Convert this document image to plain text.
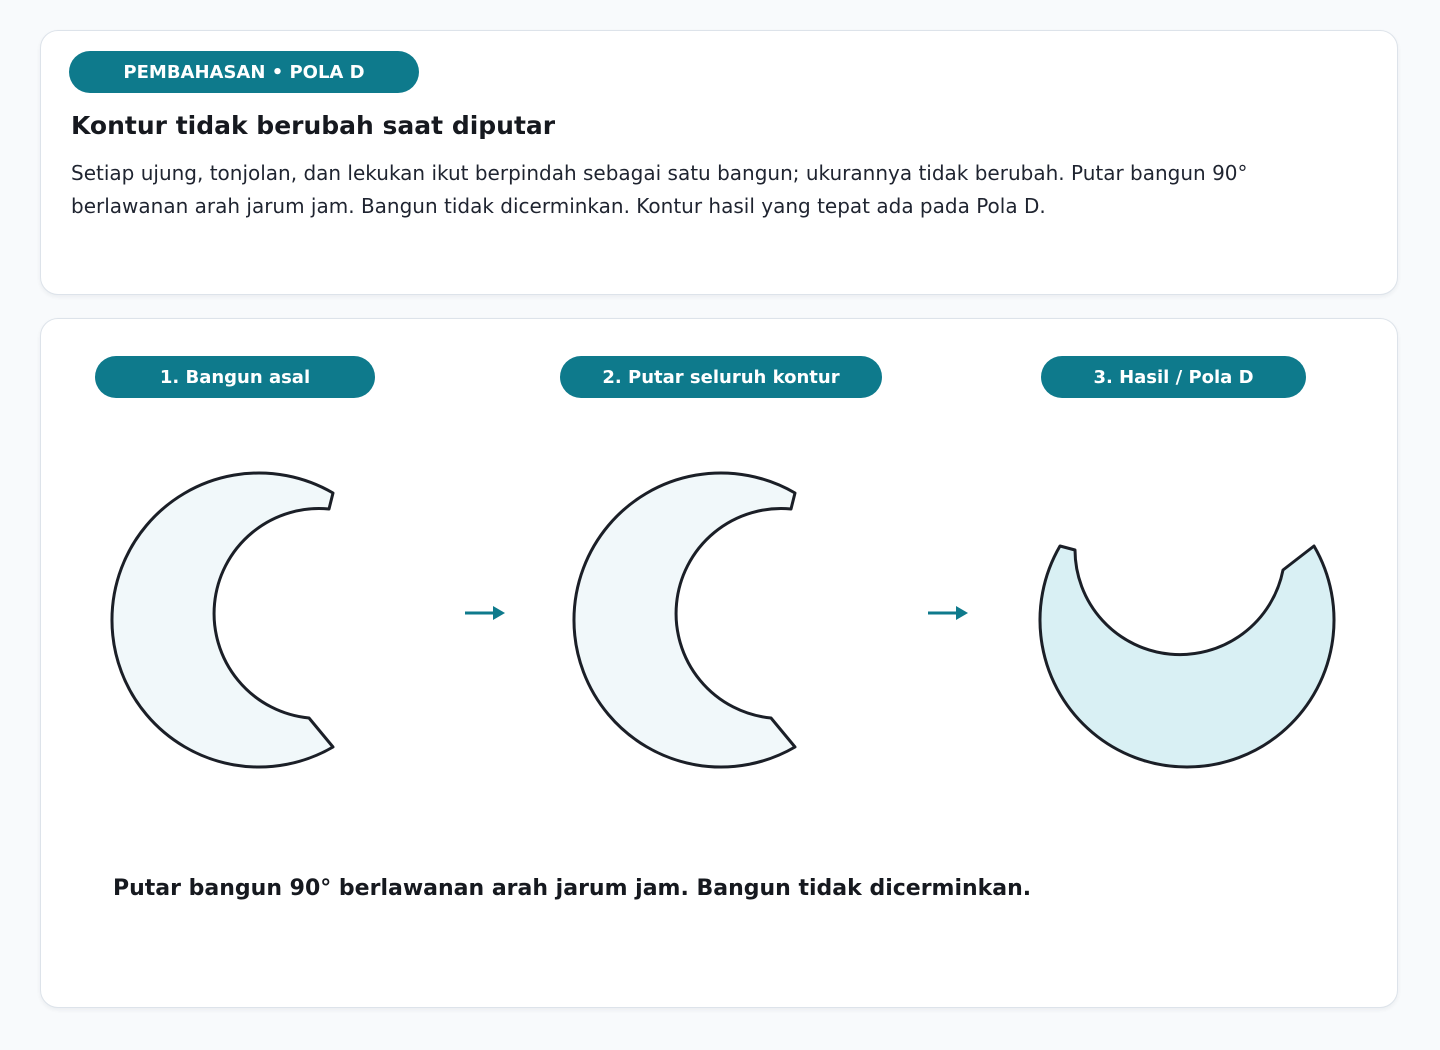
PEMBAHASAN • POLA D
Kontur tidak berubah saat diputar

Setiap ujung, tonjolan, dan lekukan ikut berpindah sebagai satu bangun; ukurannya tidak berubah. Putar bangun 90° berlawanan arah jarum jam. Bangun tidak dicerminkan. Kontur hasil yang tepat ada pada Pola D.

1. Bangun asal	2. Putar seluruh kontur	3. Hasil / Pola D

Putar bangun 90° berlawanan arah jarum jam. Bangun tidak dicerminkan.
